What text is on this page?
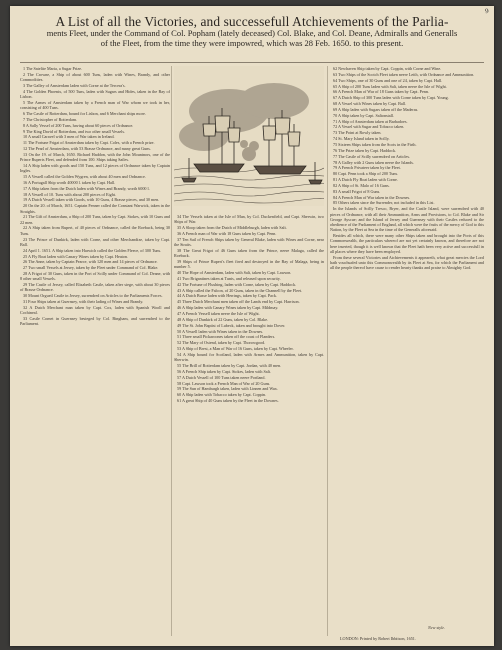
9
A List of all the Victories, and successefull Atchievements of the Parlia-
ments Fleet, under the Command of Col. Popham (lately deceased) Col. Blake, and Col. Deane, Admiralls and Generalls
of the Fleet, from the time they were impowred, which was 28 Feb. 1650. to this present.

1 The Satelite Maria, a Sugar Prize.

2 The Crowne, a Ship of about 600 Tuns, laden with Wines, Brandy, and other Commodities.

3 The Galley of Amsterdam laden with Corne at the Tercera's.

4 The Golden Phoenix, of 500 Tuns, laden with Sugars and Hides, taken in the Bay of Lisbon.

5 The Armes of Amsterdam taken by a French man of War whom we took in her, consisting of 400 Tuns.

6 The Castle of Rotterdam, bound for Lisbon, and 6 Merchant ships more.

7 The Christopher of Rotterdam.

8 A Sally Vessel of 200 Tuns, having about 60 pieces of Ordnance.

9 The King David of Rotterdam, and two other small Vessels.

10 A small Caravel with 3 men of War taken in Ireland.

11 The Fortune Frigat of Amsterdam taken by Capt. Coles, with a French prize.

12 The Pearl of Amsterdam, with 53 Brasse Ordnance, and many great Guns.

13 On the 19. of March, 1650. Richard Haddon, with the John Mountnors, one of the Prince Ruperts Fleet, and defended from 100. Ships taking Sailes.

14 A Ship laden with goods and 150 Tuns, and 12 pieces of Ordnance taken by Captain Ingles.

15 A Vessell called the Golden Wygren, with about 40 men and Ordnance.

16 A Portugall Ship worth 40000 l. taken by Capt. Hall.

17 A Ship taken from the Dutch laden with Wines and Brandy, worth 6000 l.

18 A Vessell of 10. Tuns with about 200 pieces of Eight.

19 A Dutch Vessell taken with Goods, with 10 Guns, 4 Brasse pieces, and 30 men.

20 On the 20. of March, 1651. Captain Fenner called the Constant Warwick, taken in the Straights.

21 The Gift of Amsterdam, a Ship of 200 Tuns, taken by Capt. Stokes, with 10 Guns and 22 men.

22 A Ship taken from Rupert, of 40 pieces of Ordnance, called the Roebuck, being 30 Tuns.

23 The Prince of Dunkirk, laden with Corne, and other Merchandize, taken by Capt. Ball.

24 April 1. 1651. A Ship taken into Harwich called the Golden Fleece, of 300 Tuns.

25 A Fly Boat laden with Canary Wines taken by Capt. Heaton.

26 The Anne, taken by Captain Pearce, with 120 men and 14 pieces of Ordnance.

27 Two small Vessels at Jersey, taken by the Fleet under Command of Col. Blake.

28 A Frigot of 30 Guns, taken in the Port of Scilly under Command of Col. Deane, with 8 other small Vessels.

29 The Castle of Jersey, called Elizabeth Castle, taken after siege, with about 30 pieces of Brasse Ordnance.

30 Mount Orgueil Castle in Jersey, surrendred on Articles to the Parliaments Forces.

31 Four Ships taken at Guernsey, with their lading of Wines and Brandy.

32 A Dutch Merchant man taken by Capt. Cox, laden with Spanish Wooll and Cochineal.

33 Castle Cornet in Guernsey besieged by Col. Bingham, and surrendred to the Parliament.

34 The Vessels taken at the Isle of Man, by Col. Duckenfield, and Capt. Sherwin, two Ships of War.

35 A Sloop taken from the Dutch of Middleburgh, laden with Salt.

36 A French man of War with 18 Guns taken by Capt. Penn.

37 Ten Sail of French Ships taken by General Blake, laden with Wines and Corne, near the Straits.

38 The Great Frigot of 46 Guns taken from the Prince, neere Malaga, called the Roebuck.

39 Ships of Prince Rupert's fleet fired and destroyed in the Bay of Malaga, being in number 5.

40 The Hope of Amsterdam, laden with Salt, taken by Capt. Lawson.

41 Two Brigantines taken at Tunis, and released upon security.

42 The Fortune of Flushing, laden with Corne, taken by Capt. Haddock.

43 A Ship called the Falcon, of 20 Guns, taken in the Channell by the Fleet.

44 A Dutch Busse laden with Herrings, taken by Capt. Pack.

45 Three Dutch Merchant men taken off the Lands end by Capt. Harrison.

46 A Ship laden with Canary Wines taken by Capt. Mildmay.

47 A French Vessell taken neere the Isle of Wight.

48 A Ship of Dunkirk of 22 Guns, taken by Col. Blake.

49 The St. John Baptist of Lubeck, taken and brought into Dover.

50 A Vessell laden with Wines taken in the Downes.

51 Three small Pickaroones taken off the coast of Flanders.

52 The Mary of Ostend, taken by Capt. Thorowgood.

53 A Ship of Brest, a Man of War of 16 Guns, taken by Capt. Wheeler.

54 A Ship bound for Scotland, laden with Armes and Ammunition, taken by Capt. Sherwin.

55 The Brill of Rotterdam taken by Capt. Jordan, with 40 men.

56 A French Ship taken by Capt. Stokes, laden with Salt.

57 A Dutch Vessell of 100 Tuns taken neere Portland.

58 Capt. Lawson took a French Man of War of 20 Guns.

59 The Sun of Hamburgh taken, laden with Linnen and Wax.

60 A Ship laden with Tobacco taken by Capt. Coppin.

61 A great Ship of 40 Guns taken by the Fleet in the Downes.

62 Newhaven Ship taken by Capt. Coppin, with Corne and Wine.

63 Two Ships of the Scotch Fleet taken neere Leith, with Ordnance and Ammunition.

64 Two Ships, one of 30 Guns and one of 24, taken by Capt. Hall.

65 A Ship of 200 Tuns laden with Salt, taken neere the Isle of Wight.

66 A French Man of War of 18 Guns taken by Capt. Penn.

67 A Dutch Ship of 300 Tuns laden with Corne taken by Capt. Young.

68 A Vessel with Wines taken by Capt. Ball.

69 A Ship laden with Sugars taken off the Maderas.

70 A Ship taken by Capt. Saltonstall.

71 A Ship of Amsterdam taken at Barbadoes.

72 A Vessel with Sugar and Tobacco taken.

73 The Point at Rowly taken.

74 St. Mary Island taken in Scilly.

75 Sixteen Ships taken from the Scots in the Firth.

76 The Prize taken by Capt. Haddock.

77 The Castle of Scilly surrendred on Articles.

78 A Galley with 2 Guns taken neere the Islands.

79 A French Privateer taken by the Fleet.

80 Capt. Penn took a Ship of 200 Tuns.

81 A Dutch Fly Boat laden with Corne.

82 A Ship of St. Malo of 16 Guns.

83 A small Frigot of 8 Guns.

84 A French Man of War taken in the Downes.

85 Others taken since the Surrender, not included in this List.

In the Islands of Scilly Tresco, Bryer, and the Castle Island, were surrendred with 40 pieces of Ordnance, with all their Ammunition, Arms and Provisions, to Col. Blake and Sir George Ayscue; and the Island of Jersey and Guernsey with their Castles reduced to the obedience of the Parliament of England, all which were the fruits of the mercy of God to this Nation, by the Fleet at Sea in the time of the Generalls aforesaid.

Besides all which, there were many other Ships taken and brought into the Ports of this Commonwealth, the particulars whereof are not yet certainly known, and therefore are not here inserted, though it is well known that the Fleet hath been very active and successfull in all places where they have been employed.

From these several Victories and Atchievements it appeareth, what great mercies the Lord hath vouchsafed unto this Commonwealth by its Fleet at Sea, for which the Parliament and all the people thereof have cause to render hearty thanks and praise to Almighty God.

New style.
LONDON: Printed by Robert Ibbitson, 1651.
